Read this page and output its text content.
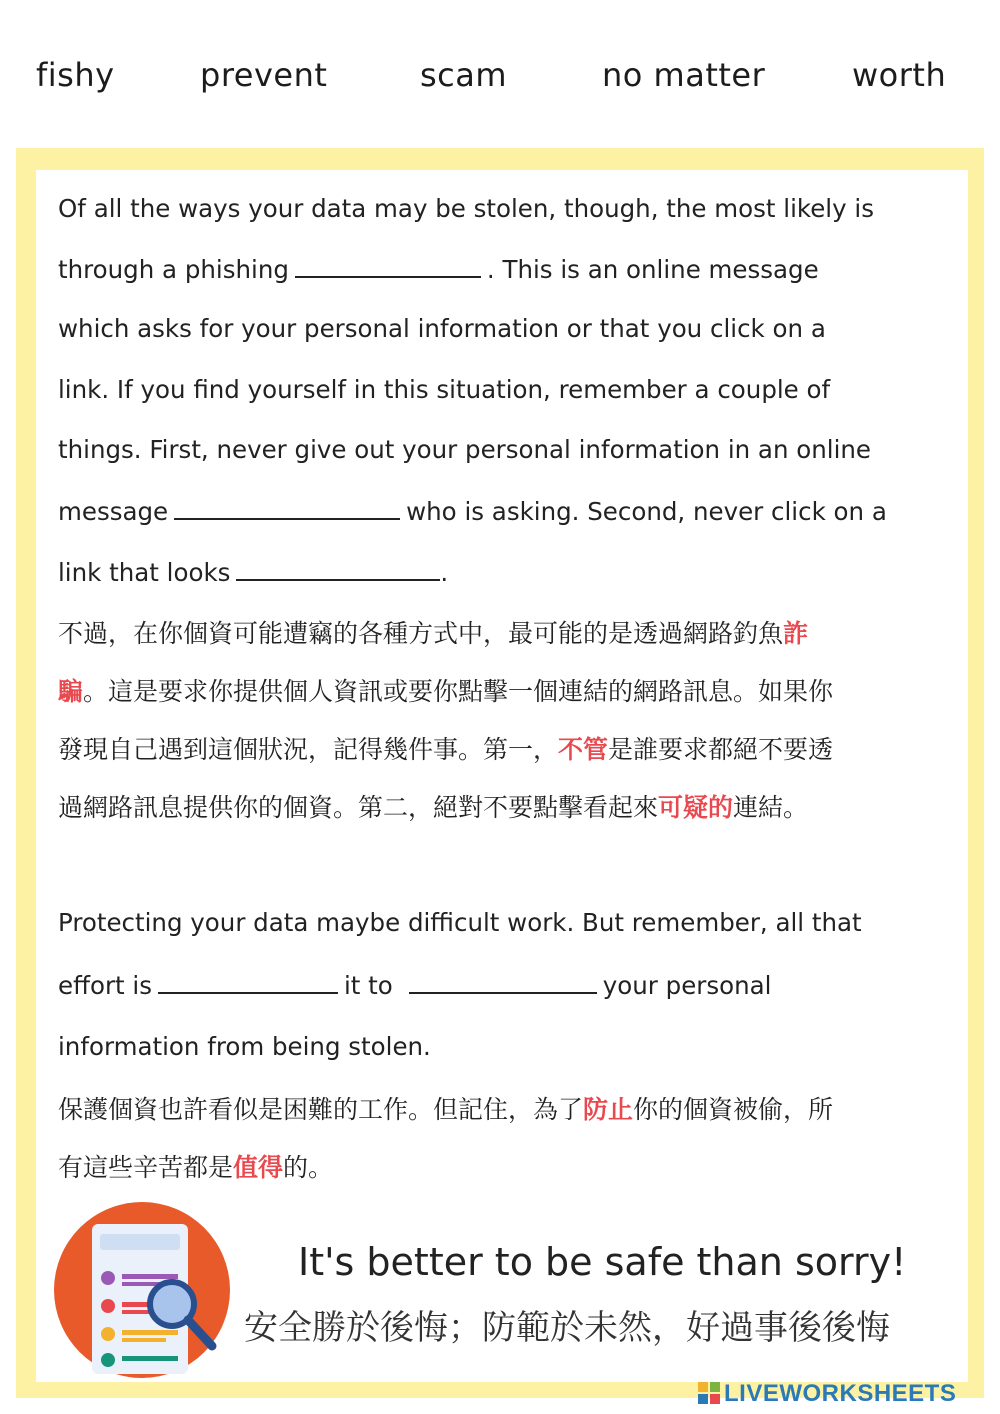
fishy	prevent	scam	no matter	worth
Of all the ways your data may be stolen, though, the most likely is
through a phishing	. This is an online message
which asks for your personal information or that you click on a
link. If you find yourself in this situation, remember a couple of
things. First, never give out your personal information in an online
message	who is asking. Second, never click on a
link that looks	.
不過，在你個資可能遭竊的各種方式中，最可能的是透過網路釣魚詐
騙。這是要求你提供個人資訊或要你點擊一個連結的網路訊息。如果你
發現自己遇到這個狀況，記得幾件事。第一，不管是誰要求都絕不要透
過網路訊息提供你的個資。第二，絕對不要點擊看起來可疑的連結。
Protecting your data maybe difficult work. But remember, all that
effort is	it to	your personal
information from being stolen.
保護個資也許看似是困難的工作。但記住，為了防止你的個資被偷，所
有這些辛苦都是值得的。
It's better to be safe than sorry!
安全勝於後悔；防範於未然，好過事後後悔
LIVEWORKSHEETS
